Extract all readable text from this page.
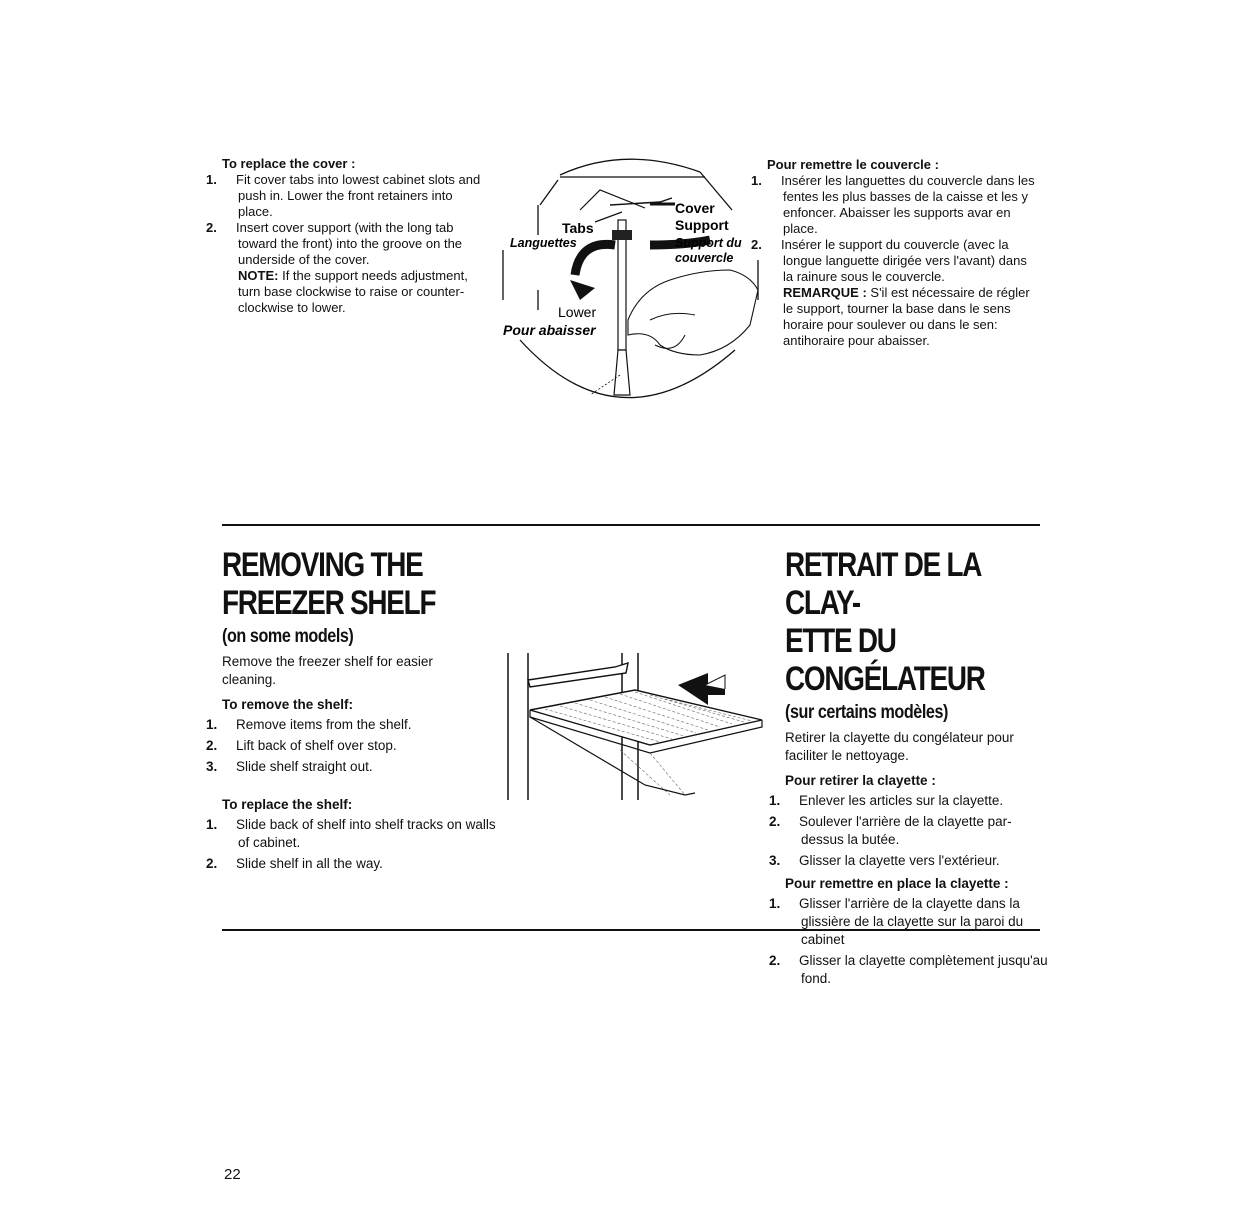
To replace the cover :
1. Fit cover tabs into lowest cabinet slots and push in. Lower the front retainers into place.
2. Insert cover support (with the long tab toward the front) into the groove on the underside of the cover.
NOTE: If the support needs adjustment, turn base clockwise to raise or counter-clockwise to lower.
Tabs
Languettes
Cover
Support
Support du
couvercle
Lower
Pour abaisser
Pour remettre le couvercle :
1. Insérer les languettes du couvercle dans les fentes les plus basses de la caisse et les y enfoncer. Abaisser les supports avar en place.
2. Insérer le support du couvercle (avec la longue languette dirigée vers l'avant) dans la rainure sous le couvercle.
REMARQUE : S'il est nécessaire de régler le support, tourner la base dans le sens horaire pour soulever ou dans le sen: antihoraire pour abaisser.
REMOVING THE
FREEZER SHELF
(on some models)
Remove the freezer shelf for easier cleaning.
To remove the shelf:
1. Remove items from the shelf.
2. Lift back of shelf over stop.
3. Slide shelf straight out.
To replace the shelf:
1. Slide back of shelf into shelf tracks on walls of cabinet.
2. Slide shelf in all the way.
RETRAIT DE LA CLAY-
ETTE DU CONGÉLATEUR
(sur certains modèles)
Retirer la clayette du congélateur pour faciliter le nettoyage.
Pour retirer la clayette :
1. Enlever les articles sur la clayette.
2. Soulever l'arrière de la clayette par-dessus la butée.
3. Glisser la clayette vers l'extérieur.
Pour remettre en place la clayette :
1. Glisser l'arrière de la clayette dans la glissière de la clayette sur la paroi du cabinet
2. Glisser la clayette complètement jusqu'au fond.
22
